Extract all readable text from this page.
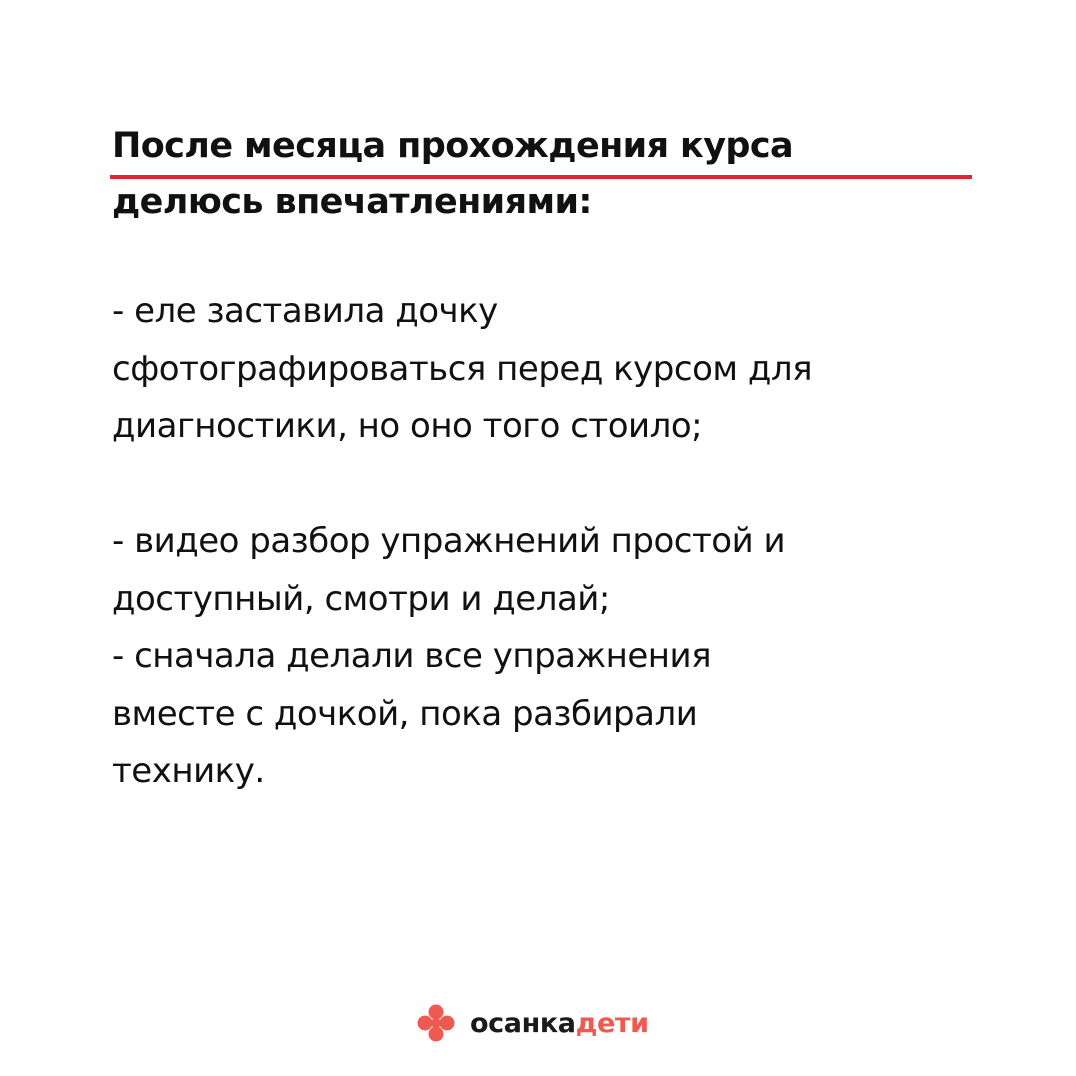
После месяца прохождения курса
делюсь впечатлениями:
- еле заставила дочку
сфотографироваться перед курсом для
диагностики, но оно того стоило;
- видео разбор упражнений простой и
доступный, смотри и делай;
- сначала делали все упражнения
вместе с дочкой, пока разбирали
технику.
осанкадети
